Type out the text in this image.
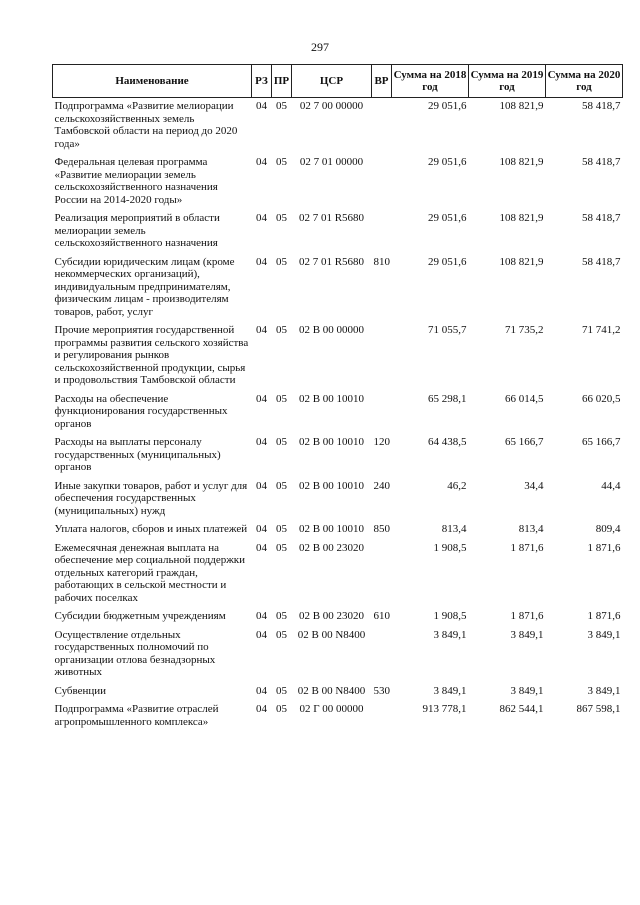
297
Наименование	РЗ	ПР	ЦСР	ВР	Сумма на 2018 год	Сумма на 2019 год	Сумма на 2020 год
Подпрограмма «Развитие мелиорации сельскохозяйственных земель Тамбовской области на период до 2020 года»	04	05	02 7 00 00000		29 051,6	108 821,9	58 418,7
Федеральная целевая программа «Развитие мелиорации земель сельскохозяйственного назначения России на 2014-2020 годы»	04	05	02 7 01 00000		29 051,6	108 821,9	58 418,7
Реализация мероприятий в области мелиорации земель сельскохозяйственного назначения	04	05	02 7 01 R5680		29 051,6	108 821,9	58 418,7
Субсидии юридическим лицам (кроме некоммерческих организаций), индивидуальным предпринимателям, физическим лицам - производителям товаров, работ, услуг	04	05	02 7 01 R5680	810	29 051,6	108 821,9	58 418,7
Прочие мероприятия государственной программы развития сельского хозяйства и регулирования рынков сельскохозяйственной продукции, сырья и продовольствия Тамбовской области	04	05	02 В 00 00000		71 055,7	71 735,2	71 741,2
Расходы на обеспечение функционирования государственных органов	04	05	02 В 00 10010		65 298,1	66 014,5	66 020,5
Расходы на выплаты персоналу государственных (муниципальных) органов	04	05	02 В 00 10010	120	64 438,5	65 166,7	65 166,7
Иные закупки товаров, работ и услуг для обеспечения государственных (муниципальных) нужд	04	05	02 В 00 10010	240	46,2	34,4	44,4
Уплата налогов, сборов и иных платежей	04	05	02 В 00 10010	850	813,4	813,4	809,4
Ежемесячная денежная выплата на обеспечение мер социальной поддержки отдельных категорий граждан, работающих в сельской местности и рабочих поселках	04	05	02 В 00 23020		1 908,5	1 871,6	1 871,6
Субсидии бюджетным учреждениям	04	05	02 В 00 23020	610	1 908,5	1 871,6	1 871,6
Осуществление отдельных государственных полномочий по организации отлова безнадзорных животных	04	05	02 В 00 N8400		3 849,1	3 849,1	3 849,1
Субвенции	04	05	02 В 00 N8400	530	3 849,1	3 849,1	3 849,1
Подпрограмма «Развитие отраслей агропромышленного комплекса»	04	05	02 Г 00 00000		913 778,1	862 544,1	867 598,1
